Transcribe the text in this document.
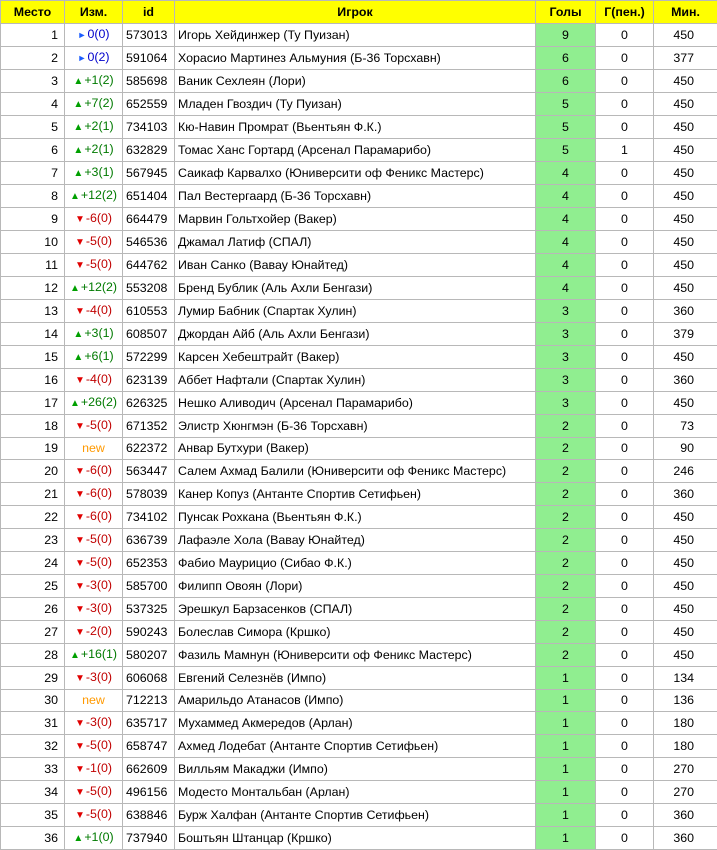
Место	Изм.	id	Игрок	Голы	Г(пен.)	Мин.
1	►0(0)	573013	Игорь Хейдинжер (Ту Пуизан)	9	0	450
2	►0(2)	591064	Хорасио Мартинез Альмуния (Б-36 Торсхавн)	6	0	377
3	▲+1(2)	585698	Ваник Сехлеян (Лори)	6	0	450
4	▲+7(2)	652559	Младен Гвоздич (Ту Пуизан)	5	0	450
5	▲+2(1)	734103	Кю-Навин Промрат (Вьентьян Ф.К.)	5	0	450
6	▲+2(1)	632829	Томас Ханс Гортард (Арсенал Парамарибо)	5	1	450
7	▲+3(1)	567945	Саикаф Карвалхо (Юниверсити оф Феникс Мастерс)	4	0	450
8	▲+12(2)	651404	Пал Вестергаард (Б-36 Торсхавн)	4	0	450
9	▼-6(0)	664479	Марвин Гольтхойер (Вакер)	4	0	450
10	▼-5(0)	546536	Джамал Латиф (СПАЛ)	4	0	450
11	▼-5(0)	644762	Иван Санко (Вавау Юнайтед)	4	0	450
12	▲+12(2)	553208	Бренд Бублик (Аль Ахли Бенгази)	4	0	450
13	▼-4(0)	610553	Лумир Бабник (Спартак Хулин)	3	0	360
14	▲+3(1)	608507	Джордан Айб (Аль Ахли Бенгази)	3	0	379
15	▲+6(1)	572299	Карсен Хебештрайт (Вакер)	3	0	450
16	▼-4(0)	623139	Аббет Нафтали (Спартак Хулин)	3	0	360
17	▲+26(2)	626325	Нешко Аливодич (Арсенал Парамарибо)	3	0	450
18	▼-5(0)	671352	Элистр Хюнгмэн (Б-36 Торсхавн)	2	0	73
19	new	622372	Анвар Бутхури (Вакер)	2	0	90
20	▼-6(0)	563447	Салем Ахмад Балили (Юниверсити оф Феникс Мастерс)	2	0	246
21	▼-6(0)	578039	Канер Копуз (Антанте Спортив Сетифьен)	2	0	360
22	▼-6(0)	734102	Пунсак Рохкана (Вьентьян Ф.К.)	2	0	450
23	▼-5(0)	636739	Лафаэле Хола (Вавау Юнайтед)	2	0	450
24	▼-5(0)	652353	Фабио Маурицио (Сибао Ф.К.)	2	0	450
25	▼-3(0)	585700	Филипп Овоян (Лори)	2	0	450
26	▼-3(0)	537325	Эрешкул Барзасенков (СПАЛ)	2	0	450
27	▼-2(0)	590243	Болеслав Симора (Кршко)	2	0	450
28	▲+16(1)	580207	Фазиль Мамнун (Юниверсити оф Феникс Мастерс)	2	0	450
29	▼-3(0)	606068	Евгений Селезнёв (Импо)	1	0	134
30	new	712213	Амарильдо Атанасов (Импо)	1	0	136
31	▼-3(0)	635717	Мухаммед Акмередов (Арлан)	1	0	180
32	▼-5(0)	658747	Ахмед Лодебат (Антанте Спортив Сетифьен)	1	0	180
33	▼-1(0)	662609	Вилльям Макаджи (Импо)	1	0	270
34	▼-5(0)	496156	Модесто Монтальбан (Арлан)	1	0	270
35	▼-5(0)	638846	Бурж Халфан (Антанте Спортив Сетифьен)	1	0	360
36	▲+1(0)	737940	Бoштьян Штанцар (Кршко)	1	0	360
